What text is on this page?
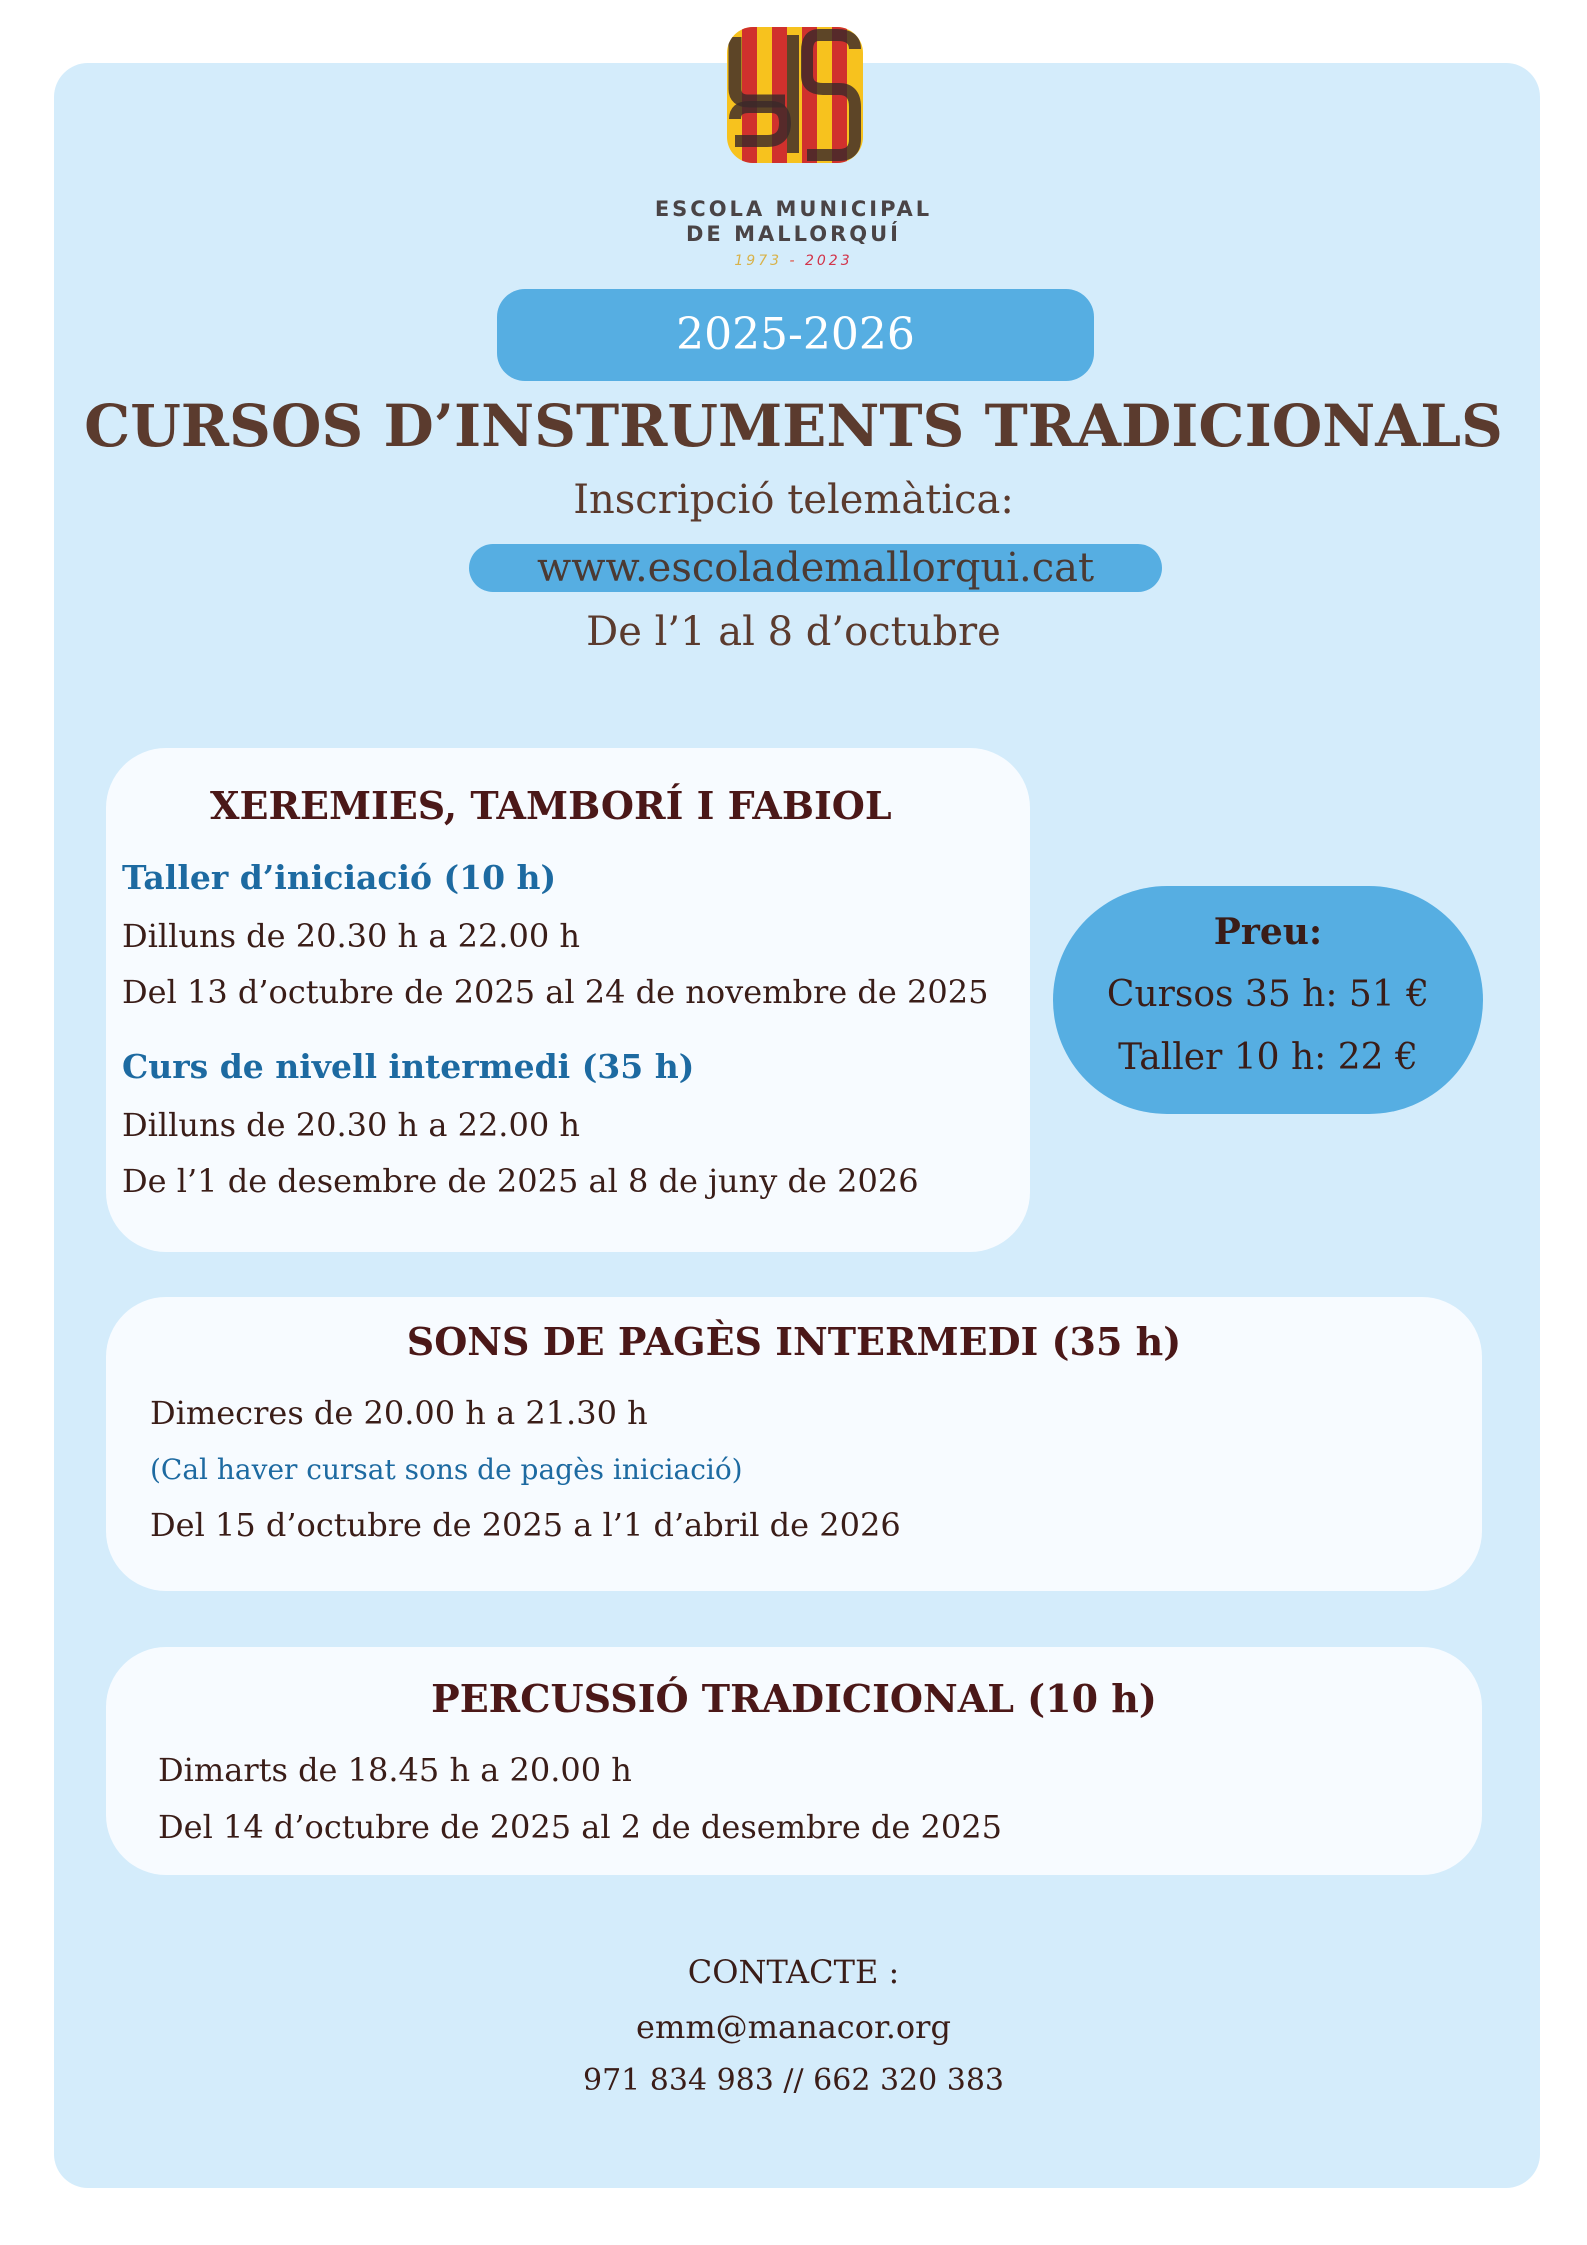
ESCOLA MUNICIPAL
DE MALLORQUÍ
1973 - 2023
2025-2026
CURSOS D’INSTRUMENTS TRADICIONALS
Inscripció telemàtica:
www.escolademallorqui.cat
De l’1 al 8 d’octubre
XEREMIES, TAMBORÍ I FABIOL
Taller d’iniciació (10 h)
Dilluns de 20.30 h a 22.00 h
Del 13 d’octubre de 2025 al 24 de novembre de 2025
Curs de nivell intermedi (35 h)
Dilluns de 20.30 h a 22.00 h
De l’1 de desembre de 2025 al 8 de juny de 2026
Preu:
Cursos 35 h: 51 €
Taller 10 h: 22 €
SONS DE PAGÈS INTERMEDI (35 h)
Dimecres de 20.00 h a 21.30 h
(Cal haver cursat sons de pagès iniciació)
Del 15 d’octubre de 2025 a l’1 d’abril de 2026
PERCUSSIÓ TRADICIONAL (10 h)
Dimarts de 18.45 h a 20.00 h
Del 14 d’octubre de 2025 al 2 de desembre de 2025
CONTACTE :
emm@manacor.org
971 834 983 // 662 320 383
